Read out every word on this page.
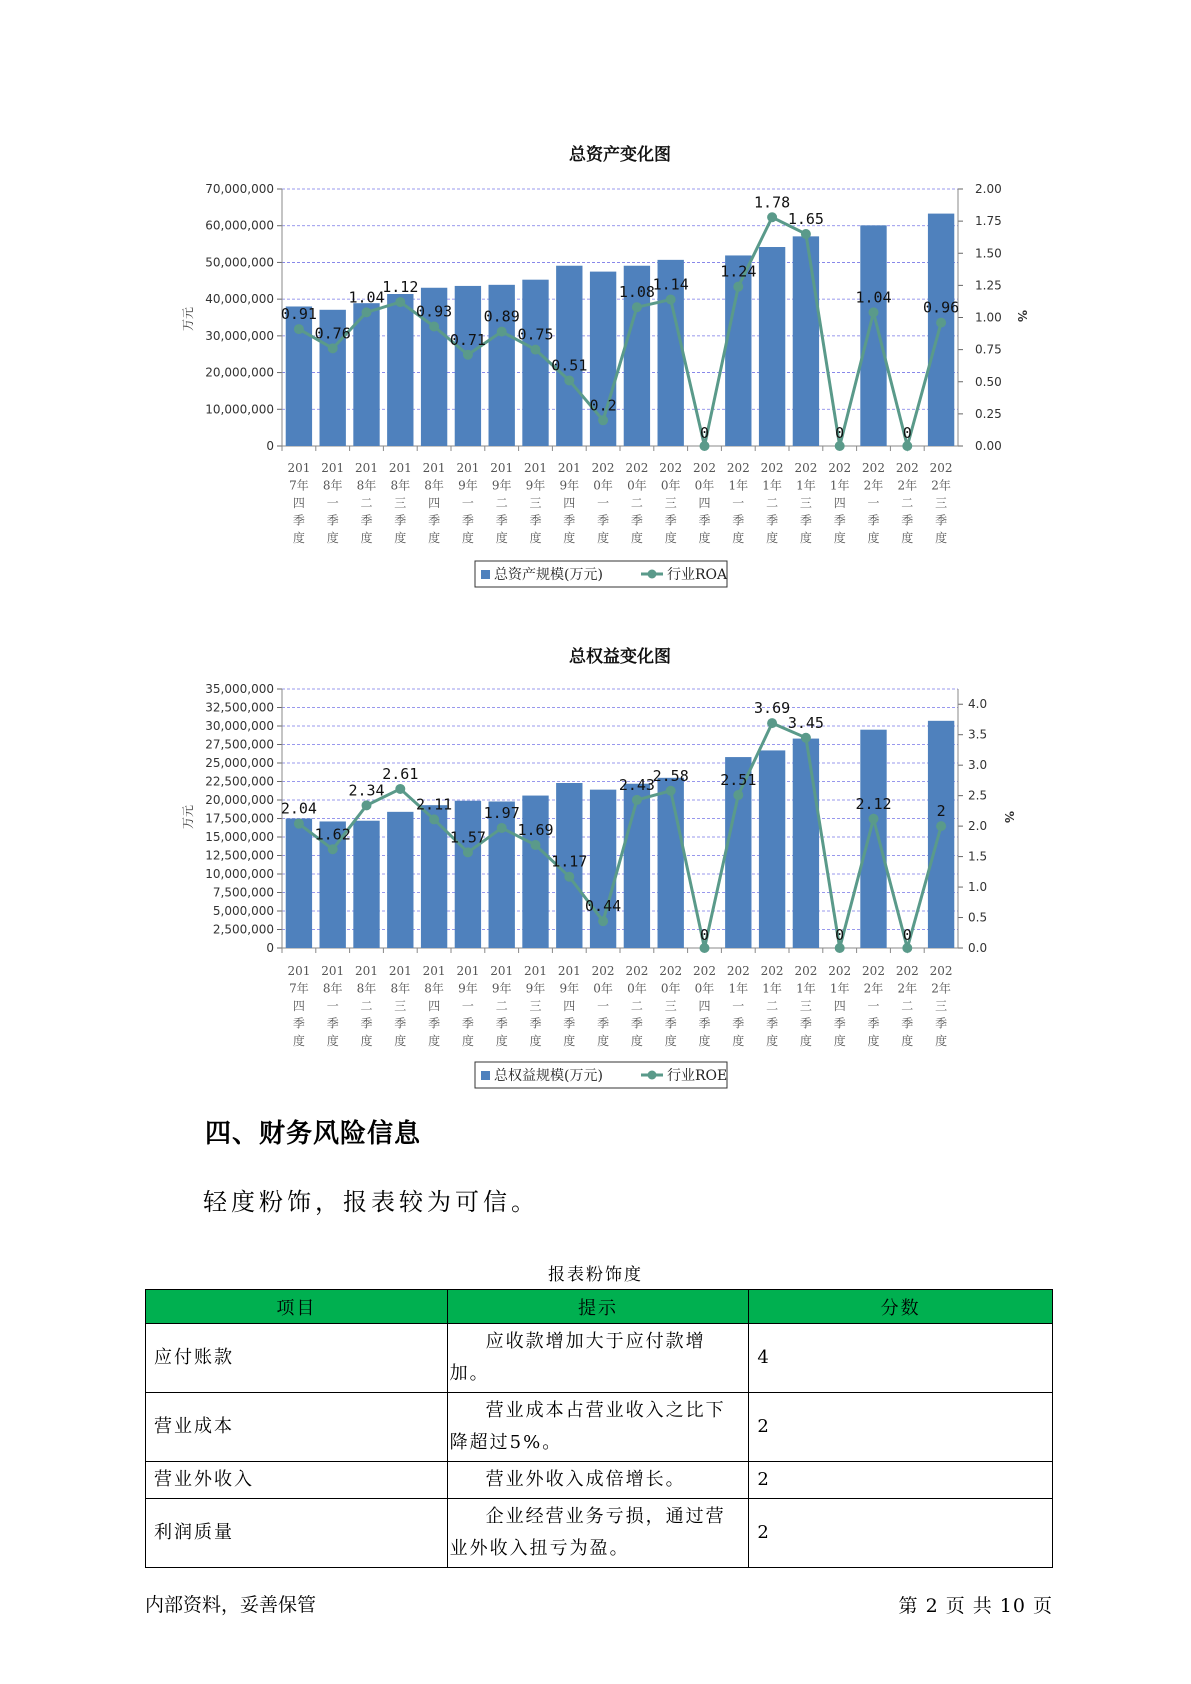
总资产变化图
0
10,000,000
20,000,000
30,000,000
40,000,000
50,000,000
60,000,000
70,000,000
0.00
0.25
0.50
0.75
1.00
1.25
1.50
1.75
2.00
万元	%
201
7年
四
季
度
201
8年
一
季
度
201
8年
二
季
度
201
8年
三
季
度
201
8年
四
季
度
201
9年
一
季
度
201
9年
二
季
度
201
9年
三
季
度
201
9年
四
季
度
202
0年
一
季
度
202
0年
二
季
度
202
0年
三
季
度
202
0年
四
季
度
202
1年
一
季
度
202
1年
二
季
度
202
1年
三
季
度
202
1年
四
季
度
202
2年
一
季
度
202
2年
二
季
度
202
2年
三
季
度
0.91
0.76
1.04
1.12
0.93
0.71
0.89
0.75
0.51
0.2
1.08
1.14
0
1.24
1.78
1.65
0
1.04
0
0.96
总资产规模(万元)	行业ROA
总权益变化图
0
2,500,000
5,000,000
7,500,000
10,000,000
12,500,000
15,000,000
17,500,000
20,000,000
22,500,000
25,000,000
27,500,000
30,000,000
32,500,000
35,000,000
0.0
0.5
1.0
1.5
2.0
2.5
3.0
3.5
4.0
万元	%
201
7年
四
季
度
201
8年
一
季
度
201
8年
二
季
度
201
8年
三
季
度
201
8年
四
季
度
201
9年
一
季
度
201
9年
二
季
度
201
9年
三
季
度
201
9年
四
季
度
202
0年
一
季
度
202
0年
二
季
度
202
0年
三
季
度
202
0年
四
季
度
202
1年
一
季
度
202
1年
二
季
度
202
1年
三
季
度
202
1年
四
季
度
202
2年
一
季
度
202
2年
二
季
度
202
2年
三
季
度
2.04
1.62
2.34
2.61
2.11
1.57
1.97
1.69
1.17
0.44
2.43
2.58
0
2.51
3.69
3.45
0
2.12
0
2
总权益规模(万元)	行业ROE
四、财务风险信息

轻度粉饰，报表较为可信。

报表粉饰度
项目	提示	分数
应付账款	应收款增加大于应付款增加。	4
营业成本	营业成本占营业收入之比下降超过5%。	2
营业外收入	营业外收入成倍增长。	2
利润质量	企业经营业务亏损，通过营业外收入扭亏为盈。	2
内部资料，妥善保管	第 2 页 共 10 页
